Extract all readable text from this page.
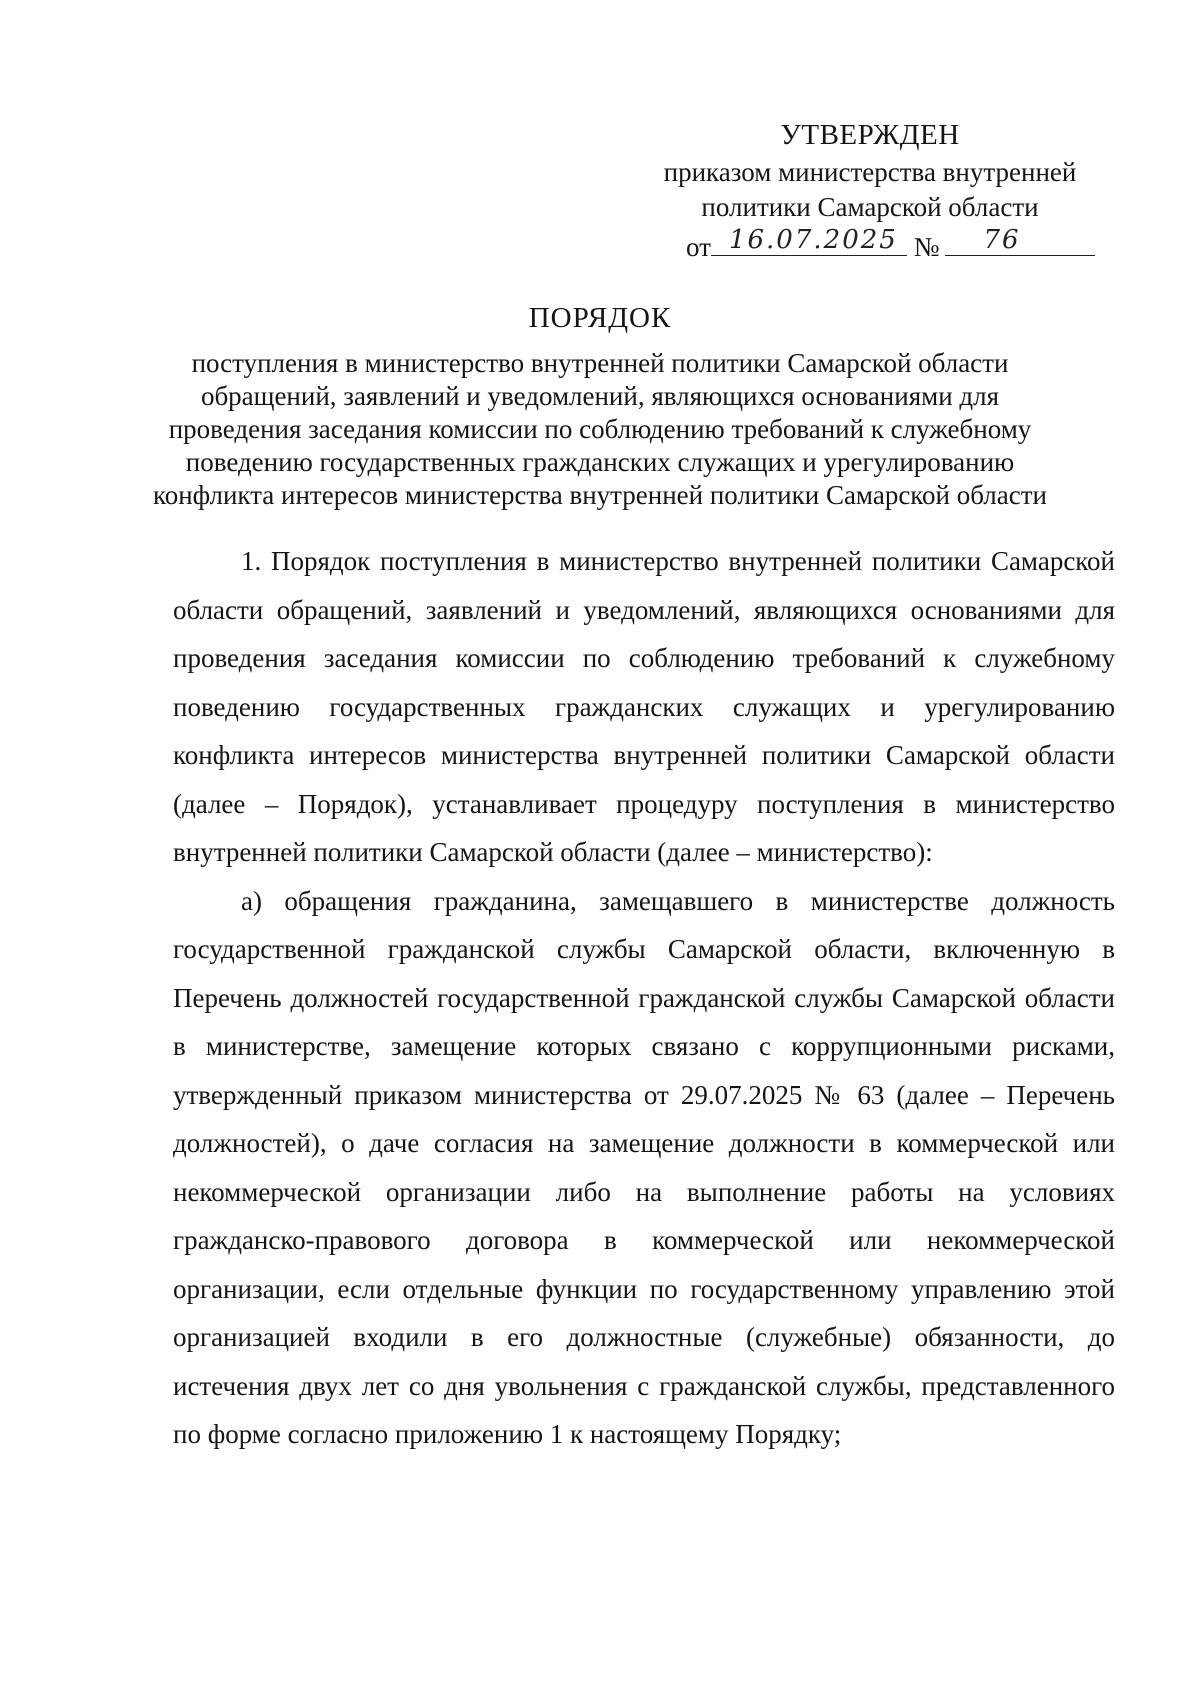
УТВЕРЖДЕН
приказом министерства внутренней
политики Самарской области
от 16.07.2025 № 76
ПОРЯДОК
поступления в министерство внутренней политики Самарской области
обращений, заявлений и уведомлений, являющихся основаниями для
проведения заседания комиссии по соблюдению требований к служебному
поведению государственных гражданских служащих и урегулированию
конфликта интересов министерства внутренней политики Самарской области

1. Порядок поступления в министерство внутренней политики Самарской области обращений, заявлений и уведомлений, являющихся основаниями для проведения заседания комиссии по соблюдению требований к служебному поведению государственных гражданских служащих и урегулированию конфликта интересов министерства внутренней политики Самарской области (далее – Порядок), устанавливает процедуру поступления в министерство внутренней политики Самарской области (далее – министерство):

а) обращения гражданина, замещавшего в министерстве должность государственной гражданской службы Самарской области, включенную в Перечень должностей государственной гражданской службы Самарской области в министерстве, замещение которых связано с коррупционными рисками, утвержденный приказом министерства от 29.07.2025 № 63 (далее – Перечень должностей), о даче согласия на замещение должности в коммерческой или некоммерческой организации либо на выполнение работы на условиях гражданско-правового договора в коммерческой или некоммерческой организации, если отдельные функции по государственному управлению этой организацией входили в его должностные (служебные) обязанности, до истечения двух лет со дня увольнения с гражданской службы, представленного по форме согласно приложению 1 к настоящему Порядку;
